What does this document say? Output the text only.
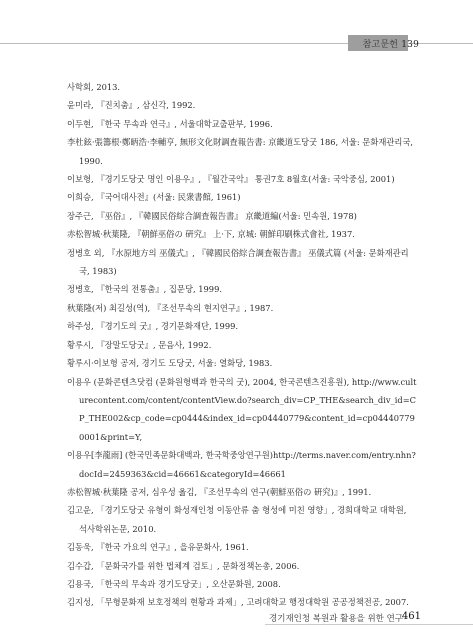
참고문헌 139
사학회, 2013.
윤미라, 『진치춤』, 삼신각, 1992.
이두현, 『한국 무속과 연극』, 서울대학교출판부, 1996.
李杜鉉·張籌根·鄭昞浩·李輔亨, 無形文化財調査報告書: 京畿道도당굿 186, 서울: 문화재관리국, 1990.
이보형, 『경기도당굿 명인 이용우』, 『월간국악』 통권7호 8월호(서울: 국악중심, 2001)
이희승, 『국어대사전』(서울: 民衆書館, 1961)
장주근, 『巫俗』, 『韓國民俗綜合調査報告書』 京畿道編(서울: 민속원, 1978)
赤松智城·秋葉隆, 『朝鮮巫俗の 硏究』 上·下, 京城: 朝鮮印刷株式會社, 1937.
정병호 외, 『水原地方의 巫儀式』, 『韓國民俗綜合調査報告書』 巫儀式篇 (서울: 문화재관리국, 1983)
정병호, 『한국의 전통춤』, 집문당, 1999.
秋葉隆(저) 최길성(역), 『조선무속의 현지연구』, 1987.
하주성, 『경기도의 굿』, 경기문화재단, 1999.
황루시, 『장말도당굿』, 문음사, 1992.
황루시·이보형 공저, 경기도 도당굿, 서울: 열화당, 1983.
이용우 (문화콘텐츠닷컴 (문화원형백과 한국의 굿), 2004, 한국콘텐츠진흥원), http://www.culturecontent.com/content/contentView.do?search_div=CP_THE&search_div_id=CP_THE002&cp_code=cp0444&index_id=cp04440779&content_id=cp044407790001&print=Y,
이용우[李龍雨] (한국민족문화대백과, 한국학중앙연구원)http://terms.naver.com/entry.nhn?docId=2459363&cid=46661&categoryId=46661
赤松智城·秋葉隆 공저, 심우성 옮김, 『조선무속의 연구(朝鮮巫俗の 硏究)』, 1991.
김고운, 「경기도당굿 유형이 화성재인청 이동안류 춤 형성에 미친 영향」, 경희대학교 대학원, 석사학위논문, 2010.
김동욱, 『한국 가요의 연구』, 을유문화사, 1961.
김수갑, 「문화국가를 위한 법체계 검토」, 문화정책논총, 2006.
김용국, 「한국의 무속과 경기도당굿」, 오산문화원, 2008.
김지성, 「무형문화재 보호정책의 현황과 과제」, 고려대학교 행정대학원 공공정책전공, 2007.
경기재인청 복원과 활용을 위한 연구
461
